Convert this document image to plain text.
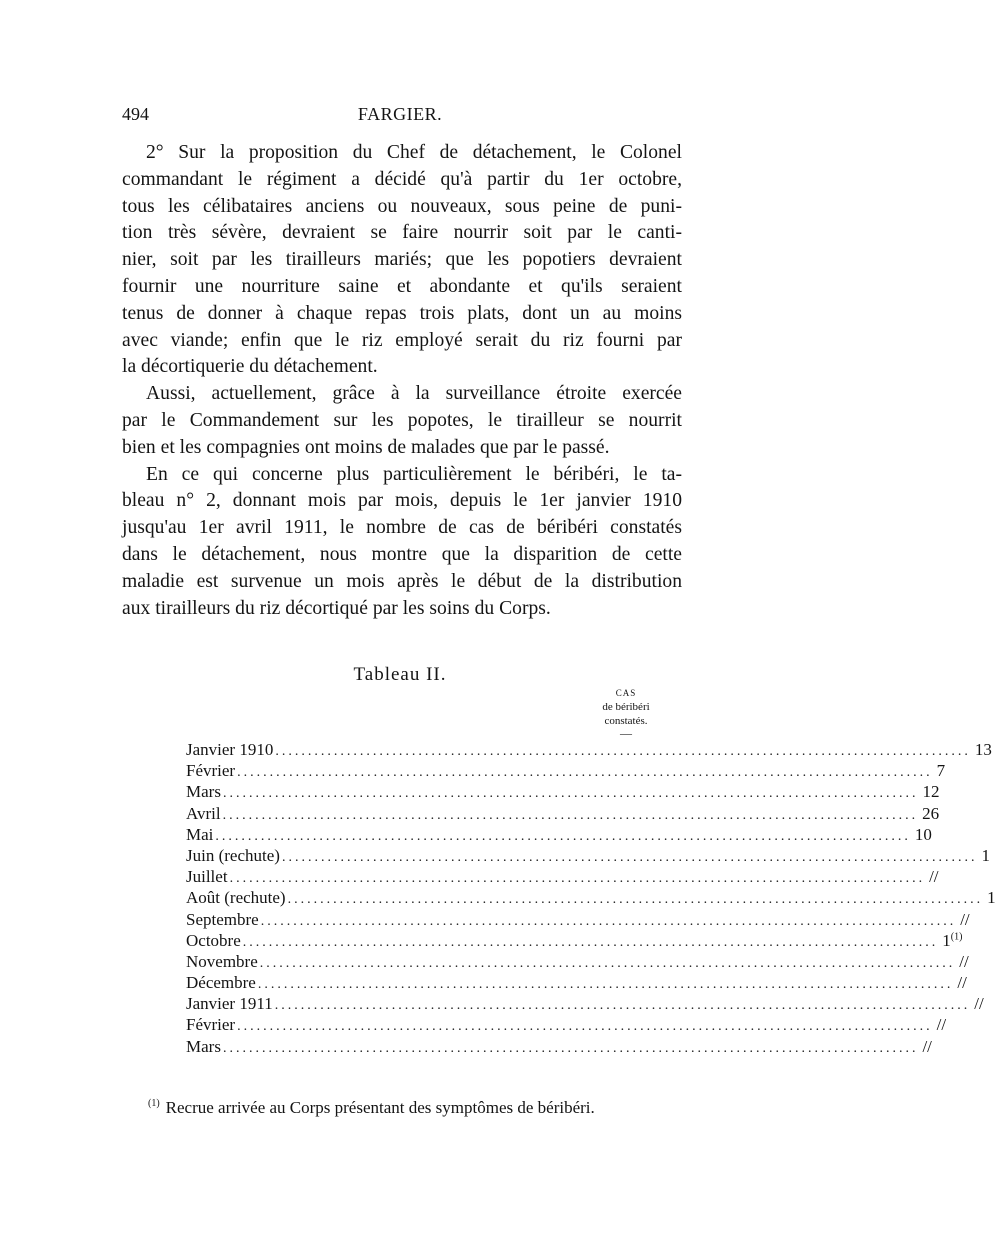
494	FARGIER.
2° Sur la proposition du Chef de détachement, le Colonel
commandant le régiment a décidé qu'à partir du 1er octobre,
tous les célibataires anciens ou nouveaux, sous peine de puni-
tion très sévère, devraient se faire nourrir soit par le canti-
nier, soit par les tirailleurs mariés; que les popotiers devraient
fournir une nourriture saine et abondante et qu'ils seraient
tenus de donner à chaque repas trois plats, dont un au moins
avec viande; enfin que le riz employé serait du riz fourni par
la décortiquerie du détachement.
Aussi, actuellement, grâce à la surveillance étroite exercée
par le Commandement sur les popotes, le tirailleur se nourrit
bien et les compagnies ont moins de malades que par le passé.
En ce qui concerne plus particulièrement le béribéri, le ta-
bleau n° 2, donnant mois par mois, depuis le 1er janvier 1910
jusqu'au 1er avril 1911, le nombre de cas de béribéri constatés
dans le détachement, nous montre que la disparition de cette
maladie est survenue un mois après le début de la distribution
aux tirailleurs du riz décortiqué par les soins du Corps.
Tableau II.
CAS
de béribéri
constatés.
—
Janvier 1910 ........................................................................................................... 13
Février ........................................................................................................... 7
Mars ........................................................................................................... 12
Avril ........................................................................................................... 26
Mai ........................................................................................................... 10
Juin (rechute) ........................................................................................................... 1
Juillet ........................................................................................................... //
Août (rechute) ........................................................................................................... 1
Septembre ........................................................................................................... //
Octobre ........................................................................................................... 1$^{(1)}$
Novembre ........................................................................................................... //
Décembre ........................................................................................................... //
Janvier 1911 ........................................................................................................... //
Février ........................................................................................................... //
Mars ........................................................................................................... //
$^{(1)}$ Recrue arrivée au Corps présentant des symptômes de béribéri.
